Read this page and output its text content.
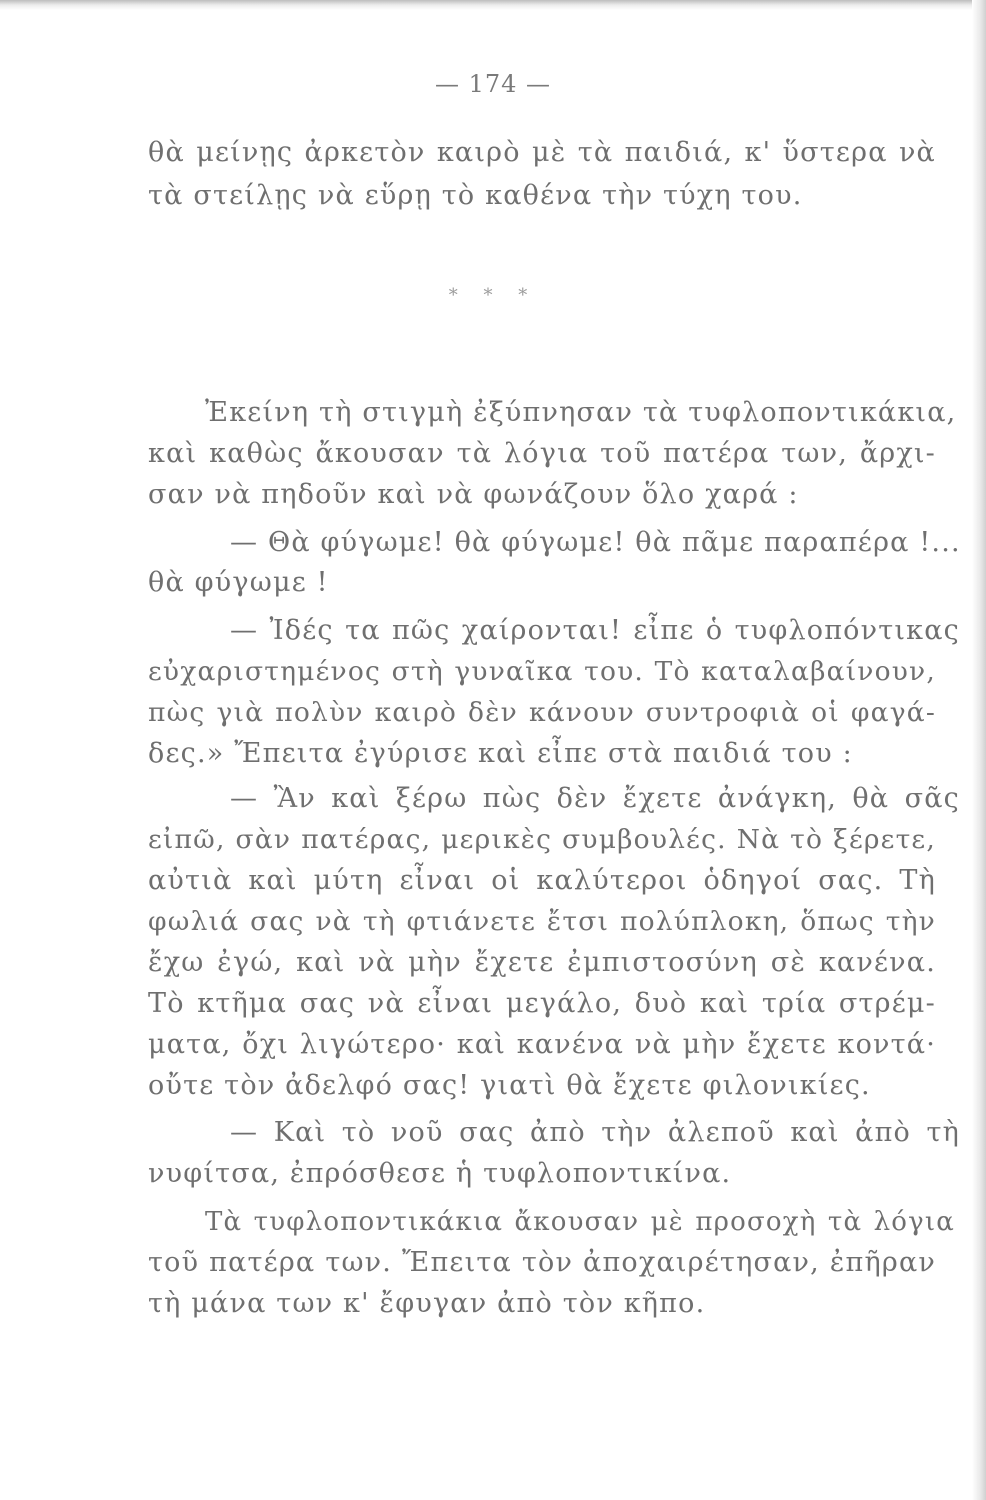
— 174 —
θὰ μείνῃς ἀρκετὸν καιρὸ μὲ τὰ παιδιά, κ' ὕστερα νὰ
τὰ στείλῃς νὰ εὕρῃ τὸ καθένα τὴν τύχη του.
* * *
Ἐκείνη τὴ στιγμὴ ἐξύπνησαν τὰ τυφλοποντικάκια,
καὶ καθὼς ἄκουσαν τὰ λόγια τοῦ πατέρα των, ἄρχι-
σαν νὰ πηδοῦν καὶ νὰ φωνάζουν ὅλο χαρά :
— Θὰ φύγωμε! θὰ φύγωμε! θὰ πᾶμε παραπέρα !...
θὰ φύγωμε !
— Ἰδές τα πῶς χαίρονται! εἶπε ὁ τυφλοπόντικας
εὐχαριστημένος στὴ γυναῖκα του. Τὸ καταλαβαίνουν,
πὼς γιὰ πολὺν καιρὸ δὲν κάνουν συντροφιὰ οἱ φαγά-
δες.» Ἔπειτα ἐγύρισε καὶ εἶπε στὰ παιδιά του :
— Ἂν καὶ ξέρω πὼς δὲν ἔχετε ἀνάγκη, θὰ σᾶς
εἰπῶ, σὰν πατέρας, μερικὲς συμβουλές. Νὰ τὸ ξέρετε,
αὐτιὰ καὶ μύτη εἶναι οἱ καλύτεροι ὁδηγοί σας. Τὴ
φωλιά σας νὰ τὴ φτιάνετε ἔτσι πολύπλοκη, ὅπως τὴν
ἔχω ἐγώ, καὶ νὰ μὴν ἔχετε ἐμπιστοσύνη σὲ κανένα.
Τὸ κτῆμα σας νὰ εἶναι μεγάλο, δυὸ καὶ τρία στρέμ-
ματα, ὄχι λιγώτερο· καὶ κανένα νὰ μὴν ἔχετε κοντά·
οὔτε τὸν ἀδελφό σας! γιατὶ θὰ ἔχετε φιλονικίες.
— Καὶ τὸ νοῦ σας ἀπὸ τὴν ἀλεποῦ καὶ ἀπὸ τὴ
νυφίτσα, ἐπρόσθεσε ἡ τυφλοποντικίνα.
Τὰ τυφλοποντικάκια ἄκουσαν μὲ προσοχὴ τὰ λόγια
τοῦ πατέρα των. Ἔπειτα τὸν ἀποχαιρέτησαν, ἐπῆραν
τὴ μάνα των κ' ἔφυγαν ἀπὸ τὸν κῆπο.
